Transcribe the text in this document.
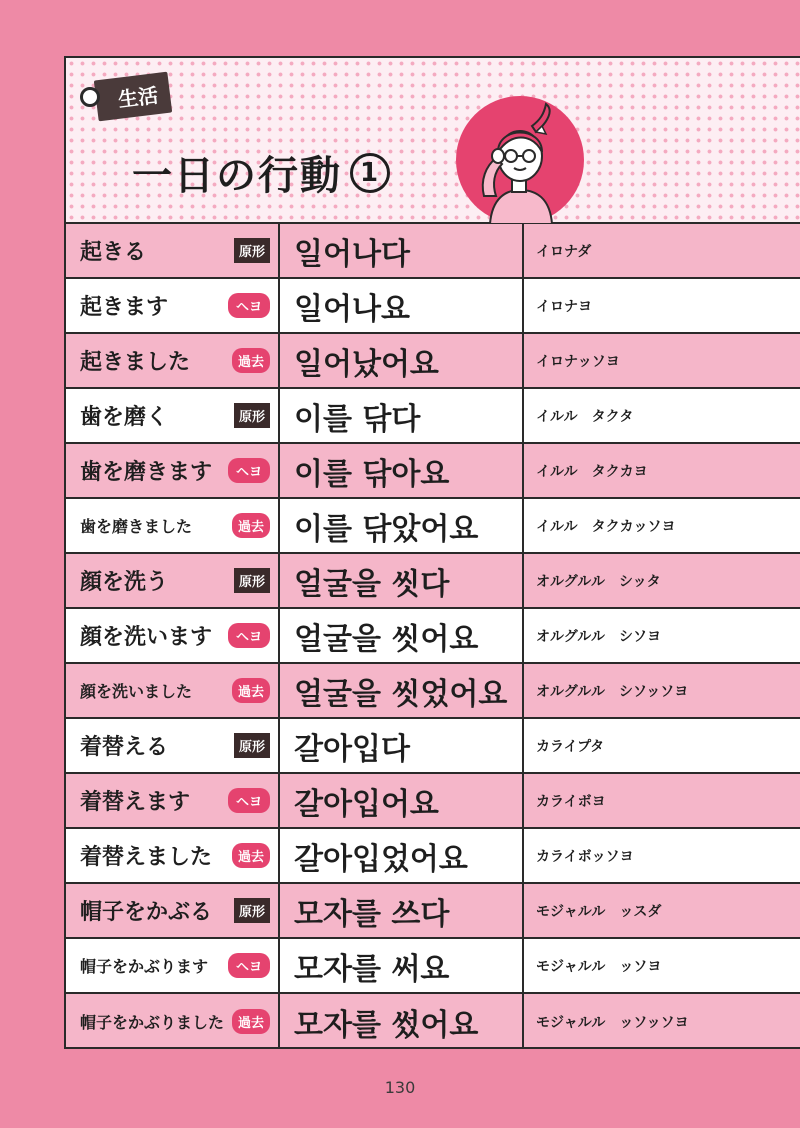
生活
一日の行動 1
起きる	原形 일어나다	イロナダ
起きます	ヘヨ	일어나요	イロナヨ
起きました	過去	일어났어요	イロナッソヨ
歯を磨く	原形 이를 닦다	イルル　タクタ
歯を磨きます	ヘヨ	이를 닦아요	イルル　タクカヨ
歯を磨きました	過去	이를 닦았어요	イルル　タクカッソヨ
顔を洗う	原形 얼굴을 씻다	オルグルル　シッタ
顔を洗います	ヘヨ	얼굴을 씻어요	オルグルル　シソヨ
顔を洗いました	過去	얼굴을 씻었어요	オルグルル　シソッソヨ
着替える	原形 갈아입다	カライプタ
着替えます	ヘヨ	갈아입어요	カライボヨ
着替えました	過去	갈아입었어요	カライボッソヨ
帽子をかぶる	原形 모자를 쓰다	モジャルル　ッスダ
帽子をかぶります	ヘヨ	모자를 써요	モジャルル　ッソヨ
帽子をかぶりました	過去	모자를 썼어요	モジャルル　ッソッソヨ
130
